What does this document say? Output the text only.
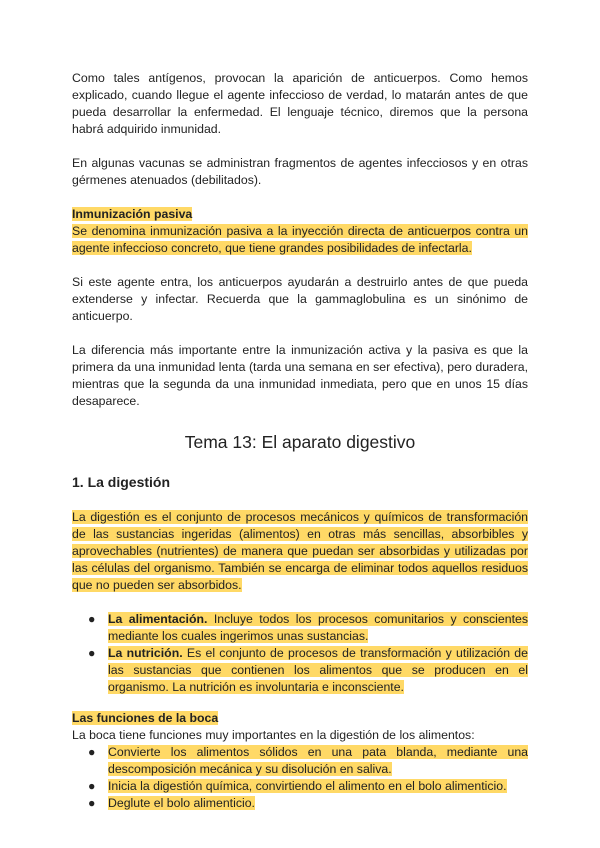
Como tales antígenos, provocan la aparición de anticuerpos. Como hemos explicado, cuando llegue el agente infeccioso de verdad, lo matarán antes de que pueda desarrollar la enfermedad. El lenguaje técnico, diremos que la persona habrá adquirido inmunidad.

En algunas vacunas se administran fragmentos de agentes infecciosos y en otras gérmenes atenuados (debilitados).

Inmunización pasiva

Se denomina inmunización pasiva a la inyección directa de anticuerpos contra un agente infeccioso concreto, que tiene grandes posibilidades de infectarla.

Si este agente entra, los anticuerpos ayudarán a destruirlo antes de que pueda extenderse y infectar. Recuerda que la gammaglobulina es un sinónimo de anticuerpo.

La diferencia más importante entre la inmunización activa y la pasiva es que la primera da una inmunidad lenta (tarda una semana en ser efectiva), pero duradera, mientras que la segunda da una inmunidad inmediata, pero que en unos 15 días desaparece.

Tema 13: El aparato digestivo
1. La digestión

La digestión es el conjunto de procesos mecánicos y químicos de transformación de las sustancias ingeridas (alimentos) en otras más sencillas, absorbibles y aprovechables (nutrientes) de manera que puedan ser absorbidas y utilizadas por las células del organismo. También se encarga de eliminar todos aquellos residuos que no pueden ser absorbidos.

● La alimentación. Incluye todos los procesos comunitarios y conscientes mediante los cuales ingerimos unas sustancias.
● La nutrición. Es el conjunto de procesos de transformación y utilización de las sustancias que contienen los alimentos que se producen en el organismo. La nutrición es involuntaria e inconsciente.

Las funciones de la boca

La boca tiene funciones muy importantes en la digestión de los alimentos:

● Convierte los alimentos sólidos en una pata blanda, mediante una descomposición mecánica y su disolución en saliva.
● Inicia la digestión química, convirtiendo el alimento en el bolo alimenticio.
● Deglute el bolo alimenticio.
